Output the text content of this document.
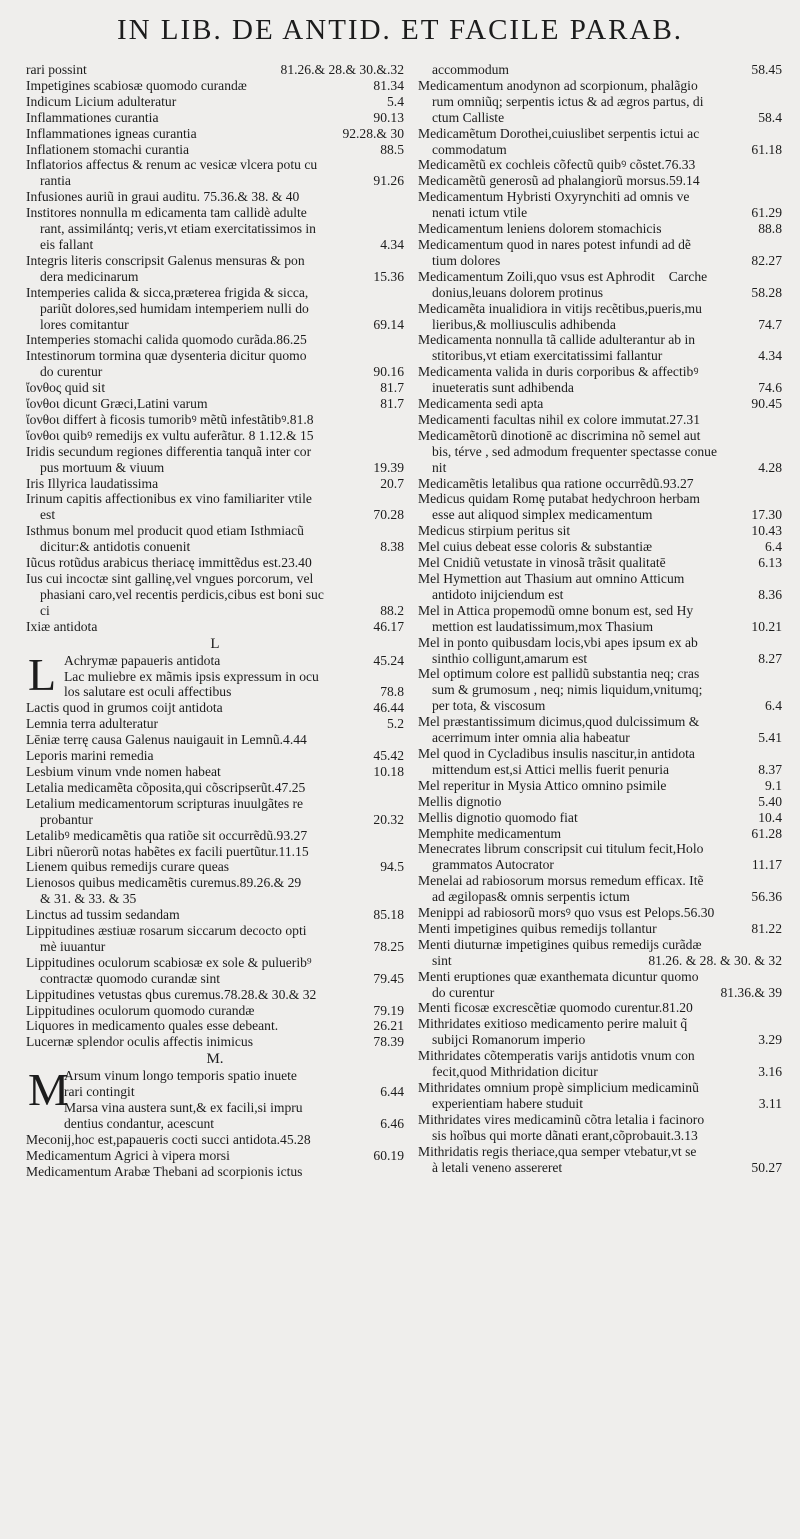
IN LIB. DE ANTID. ET FACILE PARAB.
rari possint	81.26.& 28.& 30.&.32
Impetigines scabiosæ quomodo curandæ	81.34
Indicum Licium adulteratur	5.4
Inflammationes curantia	90.13
Inflammationes igneas curantia	92.28.& 30
Inflationem stomachi curantia	88.5
Inflatorios affectus & renum ac vesicæ vlcera potu cu
rantia	91.26
Infusiones auriũ in graui auditu. 75.36.& 38. & 40
Institores nonnulla m edicamenta tam callidè adulte
rant, assimilántq; veris,vt etiam exercitatissimos in
eis fallant	4.34
Integris literis conscripsit Galenus mensuras & pon
dera medicinarum	15.36
Intemperies calida & sicca,præterea frigida & sicca,
pariũt dolores,sed humidam intemperiem nulli do
lores comitantur	69.14
Intemperies stomachi calida quomodo curãda.86.25
Intestinorum tormina quæ dysenteria dicitur quomo
do curentur	90.16
ἴονθος quid sit	81.7
ἴονθοι dicunt Græci,Latini varum	81.7
ἴονθοι differt à ficosis tumoribꝰ mẽtũ infestãtibꝰ.81.8
ἴονθοι quibꝰ remedijs ex vultu auferãtur. 8 1.12.& 15
Iridis secundum regiones differentia tanquã inter cor
pus mortuum & viuum	19.39
Iris Illyrica laudatissima	20.7
Irinum capitis affectionibus ex vino familiariter vtile
est	70.28
Isthmus bonum mel producit quod etiam Isthmiacũ
dicitur:& antidotis conuenit	8.38
Iũcus rotũdus arabicus theriacę immittẽdus est.23.40
Ius cui incoctæ sint gallinę,vel vngues porcorum, vel
phasiani caro,vel recentis perdicis,cibus est boni suc
ci	88.2
Ixiæ antidota	46.17
L
L Achrymæ papaueris antidota	45.24
Lac muliebre ex mãmis ipsis expressum in ocu
los salutare est oculi affectibus	78.8
Lactis quod in grumos coijt antidota	46.44
Lemnia terra adulteratur	5.2
Lēniæ terrę causa Galenus nauigauit in Lemnũ.4.44
Leporis marini remedia	45.42
Lesbium vinum vnde nomen habeat	10.18
Letalia medicamẽta cõposita,qui cõscripserũt.47.25
Letalium medicamentorum scripturas inuulgãtes re
probantur	20.32
Letalibꝰ medicamẽtis qua ratiõe sit occurrẽdũ.93.27
Libri nũerorũ notas habẽtes ex facili puertũtur.11.15
Lienem quibus remedijs curare queas	94.5
Lienosos quibus medicamẽtis curemus.89.26.& 29
& 31. & 33. & 35
Linctus ad tussim sedandam	85.18
Lippitudines æstiuæ rosarum siccarum decocto opti
mè iuuantur	78.25
Lippitudines oculorum scabiosæ ex sole & puluerib⁹
contractæ quomodo curandæ sint	79.45
Lippitudines vetustas qbus curemus.78.28.& 30.& 32
Lippitudines oculorum quomodo curandæ	79.19
Liquores in medicamento quales esse debeant.	26.21
Lucernæ splendor oculis affectis inimicus	78.39
M.
M
Arsum vinum longo temporis spatio inuete
rari contingit	6.44
Marsa vina austera sunt,& ex facili,si impru
dentius condantur, acescunt	6.46
Meconij,hoc est,papaueris cocti succi antidota.45.28
Medicamentum Agrici à vipera morsi	60.19
Medicamentum Arabæ Thebani ad scorpionis ictus
accommodum	58.45
Medicamentum anodynon ad scorpionum, phalãgio
rum omniũq; serpentis ictus & ad ægros partus, di
ctum Calliste	58.4
Medicamẽtum Dorothei,cuiuslibet serpentis ictui ac
commodatum	61.18
Medicamẽtũ ex cochleis cõfectũ quibꝰ cõstet.76.33
Medicamẽtũ generosũ ad phalangiorũ morsus.59.14
Medicamentum Hybristi Oxyrynchiti ad omnis ve
nenati ictum vtile	61.29
Medicamentum leniens dolorem stomachicis	88.8
Medicamentum quod in nares potest infundi ad dẽ
tium dolores	82.27
Medicamentum Zoili,quo vsus est Aphrodit᷑ Carche
donius,leuans dolorem protinus	58.28
Medicamẽta inualidiora in vitijs recẽtibus,pueris,mu
lieribus,& molliusculis adhibenda	74.7
Medicamenta nonnulla tã callide adulterantur ab in
stitoribus,vt etiam exercitatissimi fallantur	4.34
Medicamenta valida in duris corporibus & affectibꝰ
inueteratis sunt adhibenda	74.6
Medicamenta sedi apta	90.45
Medicamenti facultas nihil ex colore immutat.27.31
Medicamẽtorũ dinotionē ac discrimina nõ semel aut
bis, térve , sed admodum frequenter spectasse conue
nit	4.28
Medicamẽtis letalibus qua ratione occurrẽdũ.93.27
Medicus quidam Romę putabat hedychroon herbam
esse aut aliquod simplex medicamentum	17.30
Medicus stirpium peritus sit	10.43
Mel cuius debeat esse coloris & substantiæ	6.4
Mel Cnidiũ vetustate in vinosã trãsit qualitatē	6.13
Mel Hymettion aut Thasium aut omnino Atticum
antidoto inijciendum est	8.36
Mel in Attica propemodũ omne bonum est, sed Hy
mettion est laudatissimum,mox Thasium	10.21
Mel in ponto quibusdam locis,vbi apes ipsum ex ab
sinthio colligunt,amarum est	8.27
Mel optimum colore est pallidũ substantia neq; cras
sum & grumosum , neq; nimis liquidum,vnitumq;
per tota, & viscosum	6.4
Mel præstantissimum dicimus,quod dulcissimum &
acerrimum inter omnia alia habeatur	5.41
Mel quod in Cycladibus insulis nascitur,in antidota
mittendum est,si Attici mellis fuerit penuria	8.37
Mel reperitur in Mysia Attico omnino psimile	9.1
Mellis dignotio	5.40
Mellis dignotio quomodo fiat	10.4
Memphite medicamentum	61.28
Menecrates librum conscripsit cui titulum fecit,Holo
grammatos Autocrator	11.17
Menelai ad rabiosorum morsus remedum efficax. Itẽ
ad ægilopas& omnis serpentis ictum	56.36
Menippi ad rabiosorũ morsꝰ quo vsus est Pelops.56.30
Menti impetigines quibus remedijs tollantur	81.22
Menti diuturnæ impetigines quibus remedijs curãdæ
sint	81.26. & 28. & 30. & 32
Menti eruptiones quæ exanthemata dicuntur quomo
do curentur	81.36.& 39
Menti ficosæ excrescẽtiæ quomodo curentur.81.20
Mithridates exitioso medicamento perire maluit q̃
subijci Romanorum imperio	3.29
Mithridates cõtemperatis varijs antidotis vnum con
fecit,quod Mithridation dicitur	3.16
Mithridates omnium propè simplicium medicaminũ
experientiam habere studuit	3.11
Mithridates vires medicaminũ cõtra letalia i facinoro
sis hoĩbus qui morte dãnati erant,cõprobauit.3.13
Mithridatis regis theriace,qua semper vtebatur,vt se
à letali veneno assereret	50.27
